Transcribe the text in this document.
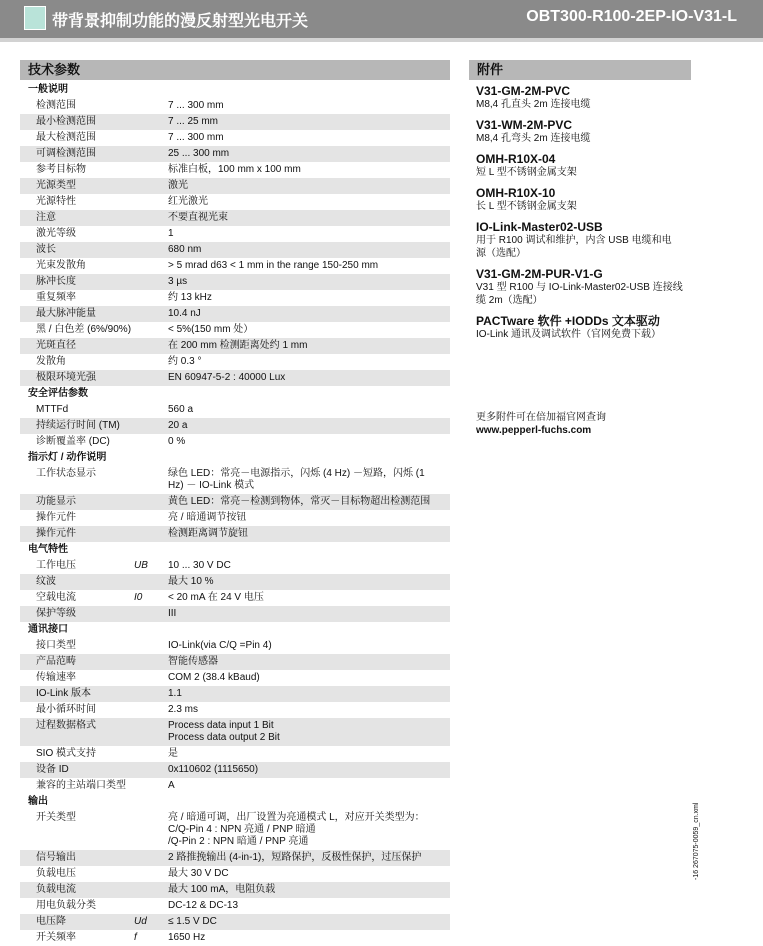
带背景抑制功能的漫反射型光电开关	OBT300-R100-2EP-IO-V31-L
技术参数	附件
一般说明
检测范围	7 ... 300 mm
最小检测范围	7 ... 25 mm
最大检测范围	7 ... 300 mm
可调检测范围	25 ... 300 mm
参考目标物	标准白板，100 mm x 100 mm
光源类型	激光
光源特性	红光激光
注意	不要直视光束
激光等级	1
波长	680 nm
光束发散角	> 5 mrad d63 < 1 mm in the range 150-250 mm
脉冲长度	3 µs
重复频率	约 13 kHz
最大脉冲能量	10.4 nJ
黑 / 白色差 (6%/90%)	< 5%(150 mm 处）
光斑直径	在 200 mm 检测距离处约 1 mm
发散角	约 0.3 °
极限环境光强	EN 60947-5-2 : 40000 Lux
安全评估参数
MTTFd	560 a
持续运行时间 (TM)	20 a
诊断覆盖率 (DC)	0 %
指示灯 / 动作说明
工作状态显示	绿色 LED：常亮－电源指示，闪烁 (4 Hz) －短路，闪烁 (1
Hz) － IO-Link 模式
功能显示	黄色 LED：常亮－检测到物体，常灭－目标物超出检测范围
操作元件	亮 / 暗通调节按钮
操作元件	检测距离调节旋钮
电气特性
工作电压	UB 10 ... 30 V DC
纹波	最大 10 %
空载电流	I0	< 20 mA 在 24 V 电压
保护等级	III
通讯接口
接口类型	IO-Link(via C/Q =Pin 4)
产品范畴	智能传感器
传输速率	COM 2 (38.4 kBaud)
IO-Link 版本	1.1
最小循环时间	2.3 ms
过程数据格式	Process data input 1 Bit
Process data output 2 Bit
SIO 模式支持	是
设备 ID	0x110602 (1115650)
兼容的主站端口类型	A
输出
开关类型	亮 / 暗通可调，出厂设置为亮通模式 L，对应开关类型为：
C/Q-Pin 4 : NPN 亮通 / PNP 暗通
/Q-Pin 2 : NPN 暗通 / PNP 亮通
信号输出	2 路推挽输出 (4-in-1)，短路保护，反极性保护，过压保护
负载电压	最大 30 V DC
负载电流	最大 100 mA，电阻负载
用电负载分类	DC-12 & DC-13
电压降	Ud ≤ 1.5 V DC
开关频率	f	1650 Hz
V31-GM-2M-PVC
M8,4 孔直头 2m 连接电缆
V31-WM-2M-PVC
M8,4 孔弯头 2m 连接电缆
OMH-R10X-04
短 L 型不锈钢金属支架
OMH-R10X-10
长 L 型不锈钢金属支架
IO-Link-Master02-USB
用于 R100 调试和维护，内含 USB 电缆和电
源（选配）
V31-GM-2M-PUR-V1-G
V31 型 R100 与 IO-Link-Master02-USB 连接线
缆 2m（选配）
PACTware 软件 +IODDs 文本驱动
IO-Link 通讯及调试软件（官网免费下载）
更多附件可在倍加福官网查询
www.pepperl-fuchs.com
-16 267075-0059_cn.xml
